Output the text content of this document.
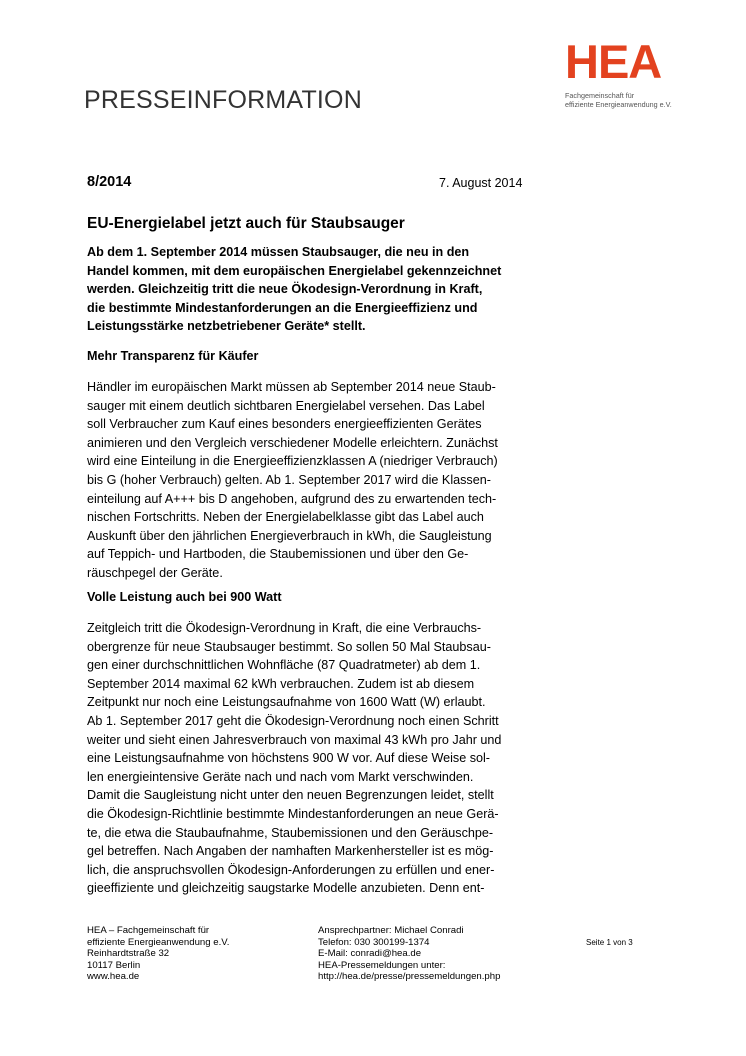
HEA
Fachgemeinschaft für
effiziente Energieanwendung e.V.
PRESSEINFORMATION
8/2014	7. August 2014
EU-Energielabel jetzt auch für Staubsauger
Ab dem 1. September 2014 müssen Staubsauger, die neu in den
Handel kommen, mit dem europäischen Energielabel gekennzeichnet
werden. Gleichzeitig tritt die neue Ökodesign-Verordnung in Kraft,
die bestimmte Mindestanforderungen an die Energieeffizienz und
Leistungsstärke netzbetriebener Geräte* stellt.
Mehr Transparenz für Käufer
Händler im europäischen Markt müssen ab September 2014 neue Staub-
sauger mit einem deutlich sichtbaren Energielabel versehen. Das Label
soll Verbraucher zum Kauf eines besonders energieeffizienten Gerätes
animieren und den Vergleich verschiedener Modelle erleichtern. Zunächst
wird eine Einteilung in die Energieeffizienzklassen A (niedriger Verbrauch)
bis G (hoher Verbrauch) gelten. Ab 1. September 2017 wird die Klassen-
einteilung auf A+++ bis D angehoben, aufgrund des zu erwartenden tech-
nischen Fortschritts. Neben der Energielabelklasse gibt das Label auch
Auskunft über den jährlichen Energieverbrauch in kWh, die Saugleistung
auf Teppich- und Hartboden, die Staubemissionen und über den Ge-
räuschpegel der Geräte.
Volle Leistung auch bei 900 Watt
Zeitgleich tritt die Ökodesign-Verordnung in Kraft, die eine Verbrauchs-
obergrenze für neue Staubsauger bestimmt. So sollen 50 Mal Staubsau-
gen einer durchschnittlichen Wohnfläche (87 Quadratmeter) ab dem 1.
September 2014 maximal 62 kWh verbrauchen. Zudem ist ab diesem
Zeitpunkt nur noch eine Leistungsaufnahme von 1600 Watt (W) erlaubt.
Ab 1. September 2017 geht die Ökodesign-Verordnung noch einen Schritt
weiter und sieht einen Jahresverbrauch von maximal 43 kWh pro Jahr und
eine Leistungsaufnahme von höchstens 900 W vor. Auf diese Weise sol-
len energieintensive Geräte nach und nach vom Markt verschwinden.
Damit die Saugleistung nicht unter den neuen Begrenzungen leidet, stellt
die Ökodesign-Richtlinie bestimmte Mindestanforderungen an neue Gerä-
te, die etwa die Staubaufnahme, Staubemissionen und den Geräuschpe-
gel betreffen. Nach Angaben der namhaften Markenhersteller ist es mög-
lich, die anspruchsvollen Ökodesign-Anforderungen zu erfüllen und ener-
gieeffiziente und gleichzeitig saugstarke Modelle anzubieten. Denn ent-
HEA – Fachgemeinschaft für
effiziente Energieanwendung e.V.
Reinhardtstraße 32
10117 Berlin
www.hea.de
Ansprechpartner: Michael Conradi
Telefon: 030 300199-1374
E-Mail: conradi@hea.de
HEA-Pressemeldungen unter:
http://hea.de/presse/pressemeldungen.php
Seite 1 von 3
